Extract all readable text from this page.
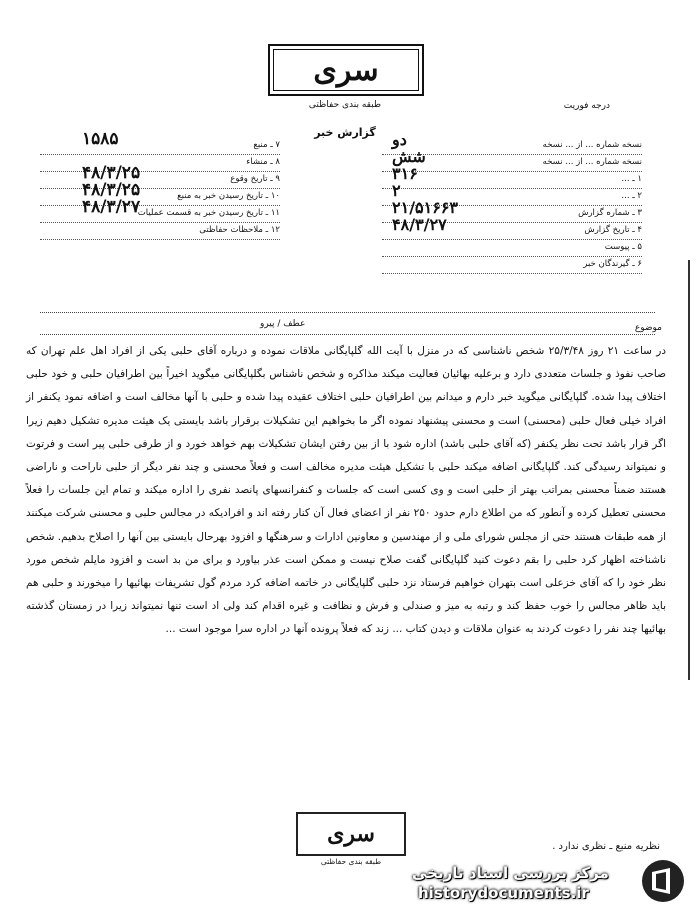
سری
طبقه بندی حفاظتی	درجه فوریت
گزارش خبر
نسخه شماره ... از ... نسخه
دو
نسخه شماره ... از ... نسخه
شش
۱ ـ ...
۳۱۶
۲ ـ ...
۲
۳ ـ شماره گزارش
۲۱/۵۱۶۶۳
۴ ـ تاریخ گزارش
۴۸/۳/۲۷
۵ ـ پیوست
۶ ـ گیرندگان خبر
۷ ـ منبع
۱۵۸۵
۸ ـ منشاء
۹ ـ تاریخ وقوع
۴۸/۳/۲۵
۱۰ ـ تاریخ رسیدن خبر به منبع
۴۸/۳/۲۵
۱۱ ـ تاریخ رسیدن خبر به قسمت عملیات
۴۸/۳/۲۷
۱۲ ـ ملاحظات حفاظتی
عطف / پیرو	موضوع
در ساعت ۲۱ روز ۲۵/۳/۴۸ شخص ناشناسی که در منزل با آیت الله گلپایگانی ملاقات نموده و درباره آقای حلبی یکی از افراد اهل علم تهران که صاحب نفوذ و جلسات متعددی دارد و برعلیه بهائیان فعالیت میکند مذاکره و شخص ناشناس بگلپایگانی میگوید اخیراً بین اطرافیان حلبی و خود حلبی اختلاف پیدا شده. گلپایگانی میگوید خبر دارم و میدانم بین اطرافیان حلبی اختلاف عقیده پیدا شده و حلبی با آنها مخالف است و اضافه نمود یکنفر از افراد خیلی فعال حلبی (محسنی) است و محسنی پیشنهاد نموده اگر ما بخواهیم این تشکیلات برقرار باشد بایستی یک هیئت مدیره تشکیل دهیم زیرا اگر قرار باشد تحت نظر یکنفر (که آقای حلبی باشد) اداره شود با از بین رفتن ایشان تشکیلات بهم خواهد خورد و از طرفی حلبی پیر است و فرتوت و نمیتواند رسیدگی کند. گلپایگانی اضافه میکند حلبی با تشکیل هیئت مدیره مخالف است و فعلاً محسنی و چند نفر دیگر از حلبی ناراحت و ناراضی هستند ضمناً محسنی بمراتب بهتر از حلبی است و وی کسی است که جلسات و کنفرانسهای پانصد نفری را اداره میکند و تمام این جلسات را فعلاً محسنی تعطیل کرده و آنطور که من اطلاع دارم حدود ۲۵۰ نفر از اعضای فعال آن کنار رفته اند و افرادیکه در مجالس حلبی و محسنی شرکت میکنند از همه طبقات هستند حتی از مجلس شورای ملی و از مهندسین و معاونین ادارات و سرهنگها و افزود بهرحال بایستی بین آنها را اصلاح بدهیم. شخص ناشناخته اظهار کرد حلبی را بقم دعوت کنید گلپایگانی گفت صلاح نیست و ممکن است عذر بیاورد و برای من بد است و افزود مایلم شخص مورد نظر خود را که آقای خزعلی است بتهران خواهیم فرستاد نزد حلبی گلپایگانی در خاتمه اضافه کرد مردم گول تشریفات بهائیها را میخورند و حلبی هم باید ظاهر مجالس را خوب حفظ کند و رتبه به میز و صندلی و فرش و نظافت و غیره اقدام کند ولی اد است تنها نمیتواند زیرا در زمستان گذشته بهائیها چند نفر را دعوت کردند به عنوان ملاقات و دیدن کتاب ... زند که فعلاً پرونده آنها در اداره سرا موجود است ...
سری
طبقه بندی حفاظتی
نظریه منبع ـ نظری ندارد .
مرکز بررسی اسناد تاریخی
historydocuments.ir
